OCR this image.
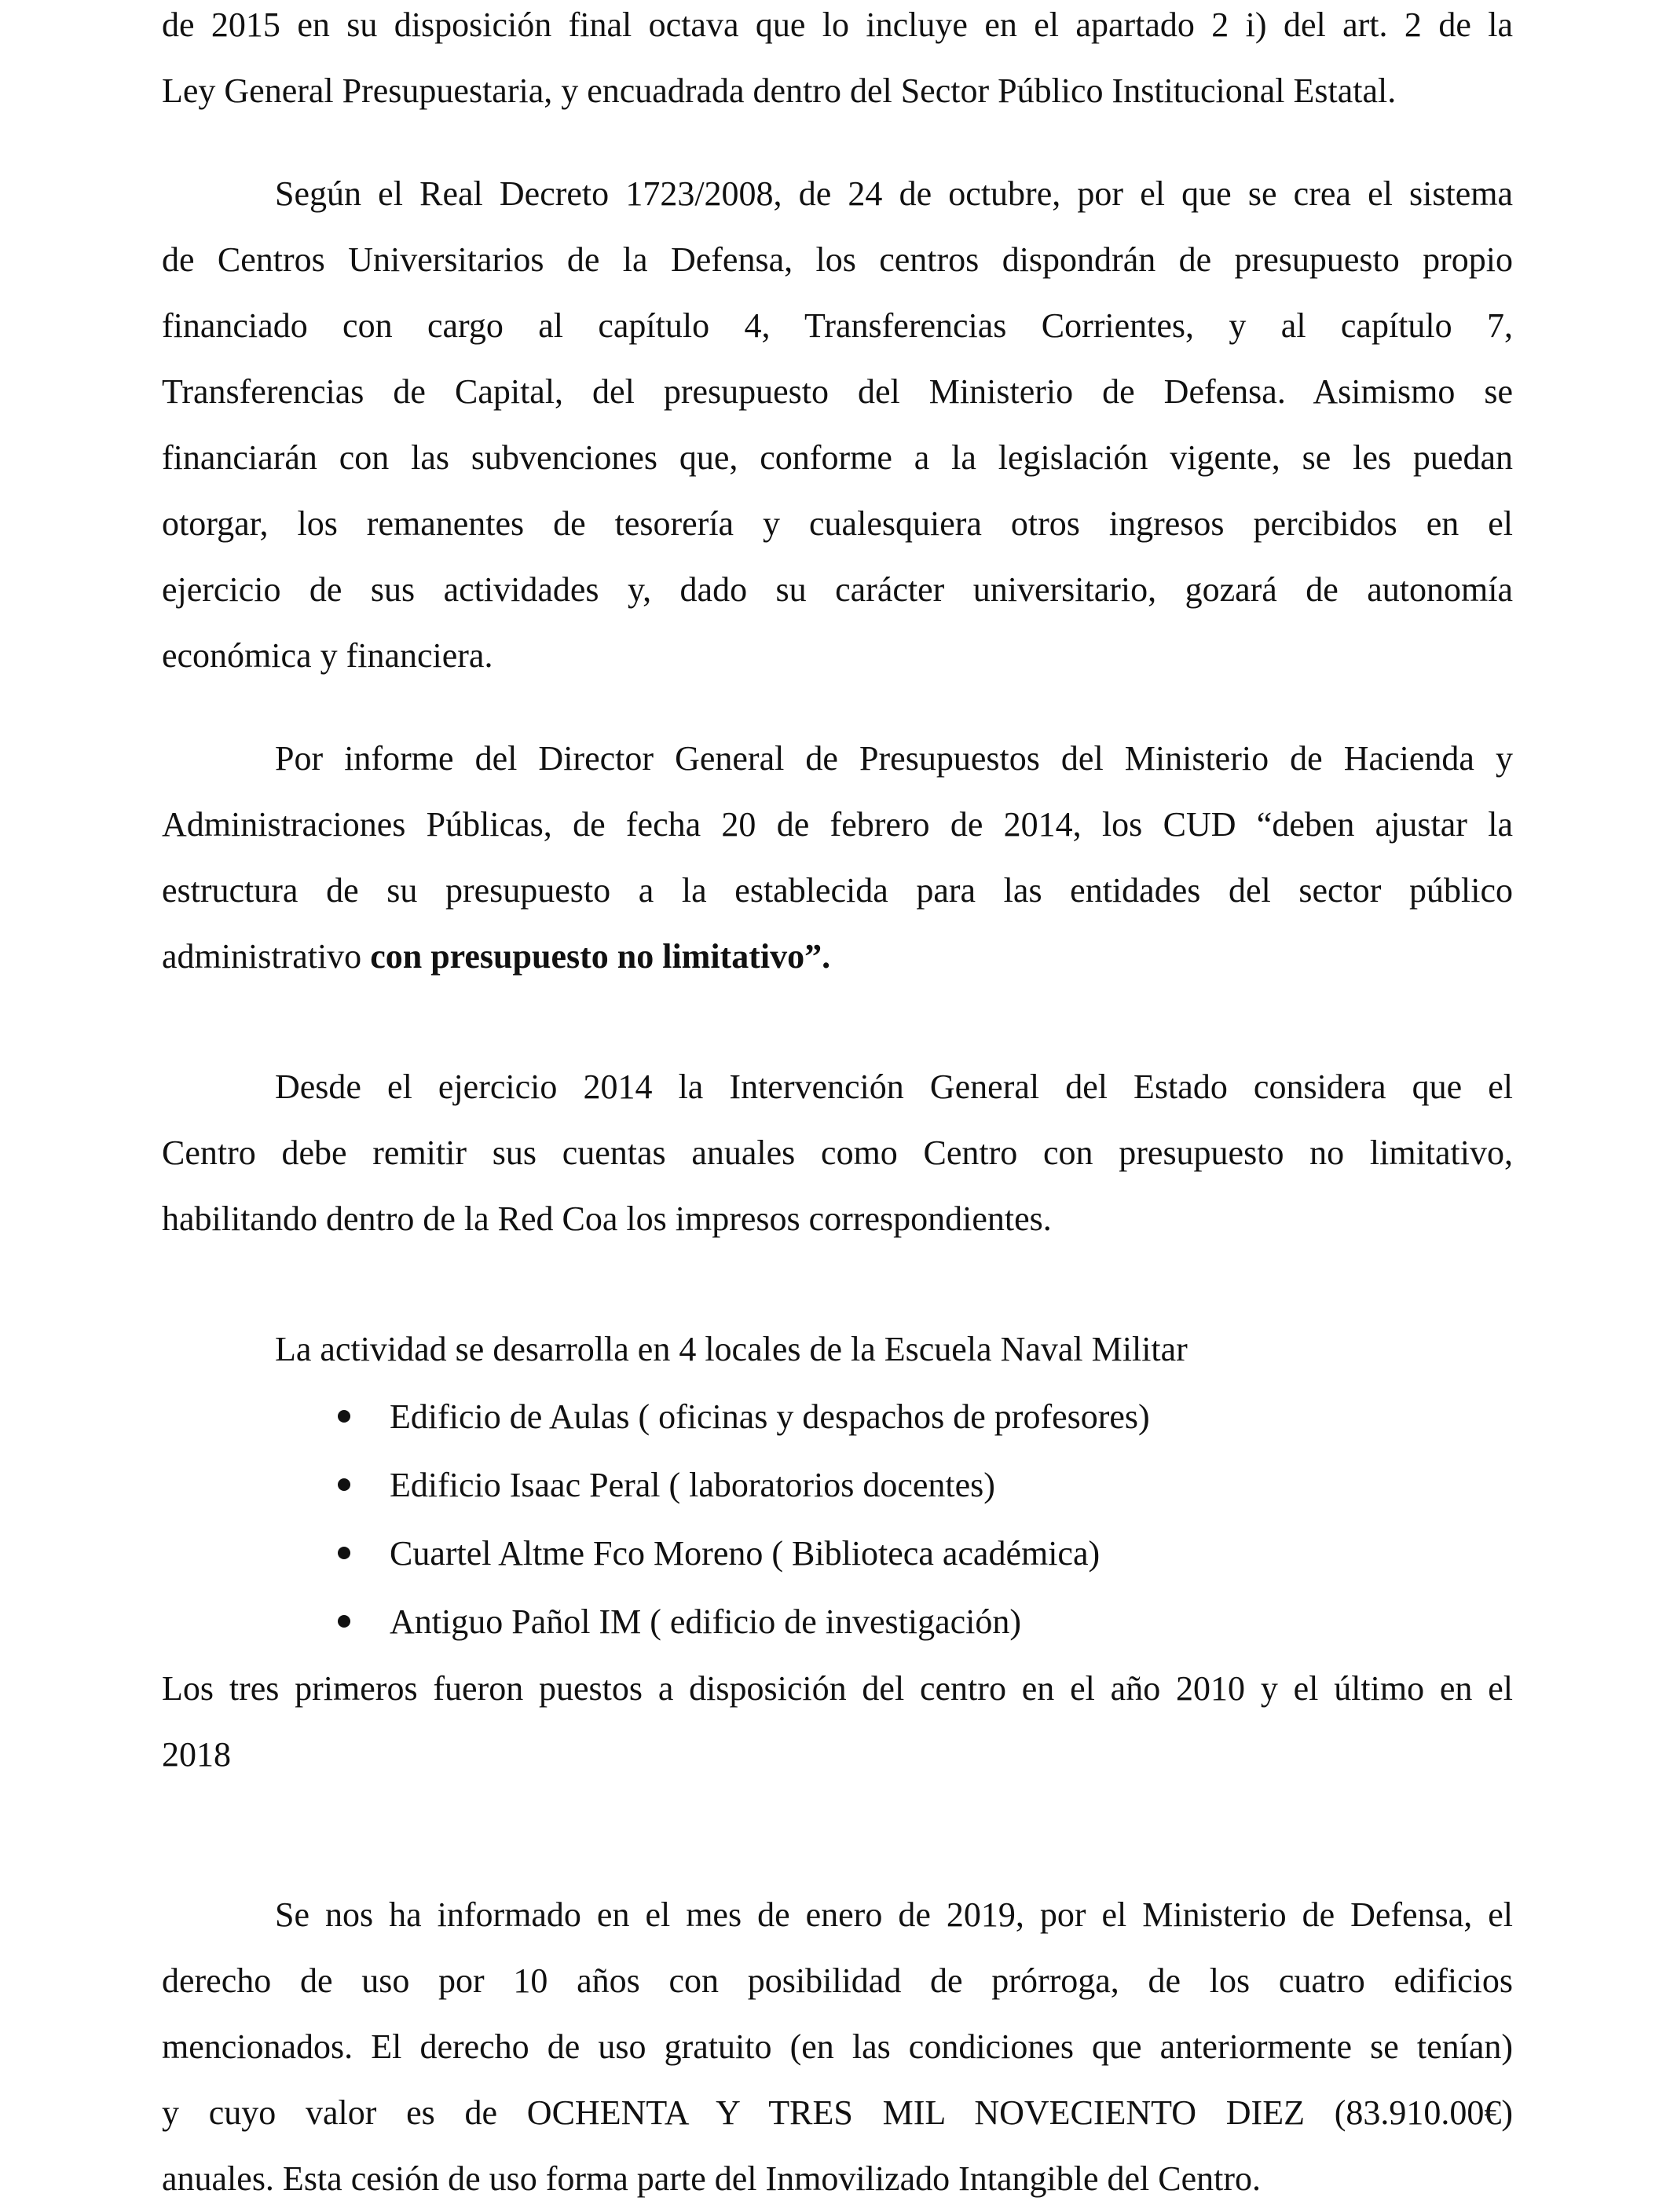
de 2015 en su disposición final octava que lo incluye en el apartado 2 i) del art. 2 de la
Ley General Presupuestaria, y encuadrada dentro del Sector Público Institucional Estatal.
Según el Real Decreto 1723/2008, de 24 de octubre, por el que se crea el sistema
de Centros Universitarios de la Defensa, los centros dispondrán de presupuesto propio
financiado con cargo al capítulo 4, Transferencias Corrientes, y al capítulo 7,
Transferencias de Capital, del presupuesto del Ministerio de Defensa. Asimismo se
financiarán con las subvenciones que, conforme a la legislación vigente, se les puedan
otorgar, los remanentes de tesorería y cualesquiera otros ingresos percibidos en el
ejercicio de sus actividades y, dado su carácter universitario, gozará de autonomía
económica y financiera.
Por informe del Director General de Presupuestos del Ministerio de Hacienda y
Administraciones Públicas, de fecha 20 de febrero de 2014, los CUD “deben ajustar la
estructura de su presupuesto a la establecida para las entidades del sector público
administrativo con presupuesto no limitativo”.
Desde el ejercicio 2014 la Intervención General del Estado considera que el
Centro debe remitir sus cuentas anuales como Centro con presupuesto no limitativo,
habilitando dentro de la Red Coa los impresos correspondientes.
La actividad se desarrolla en 4 locales de la Escuela Naval Militar
Edificio de Aulas ( oficinas y despachos de profesores)
Edificio Isaac Peral ( laboratorios docentes)
Cuartel Altme Fco Moreno ( Biblioteca académica)
Antiguo Pañol IM ( edificio de investigación)
Los tres primeros fueron puestos a disposición del centro en el año 2010 y el último en el
2018
Se nos ha informado en el mes de enero de 2019, por el Ministerio de Defensa, el
derecho de uso por 10 años con posibilidad de prórroga, de los cuatro edificios
mencionados. El derecho de uso gratuito (en las condiciones que anteriormente se tenían)
y cuyo valor es de OCHENTA Y TRES MIL NOVECIENTO DIEZ (83.910.00€)
anuales. Esta cesión de uso forma parte del Inmovilizado Intangible del Centro.
